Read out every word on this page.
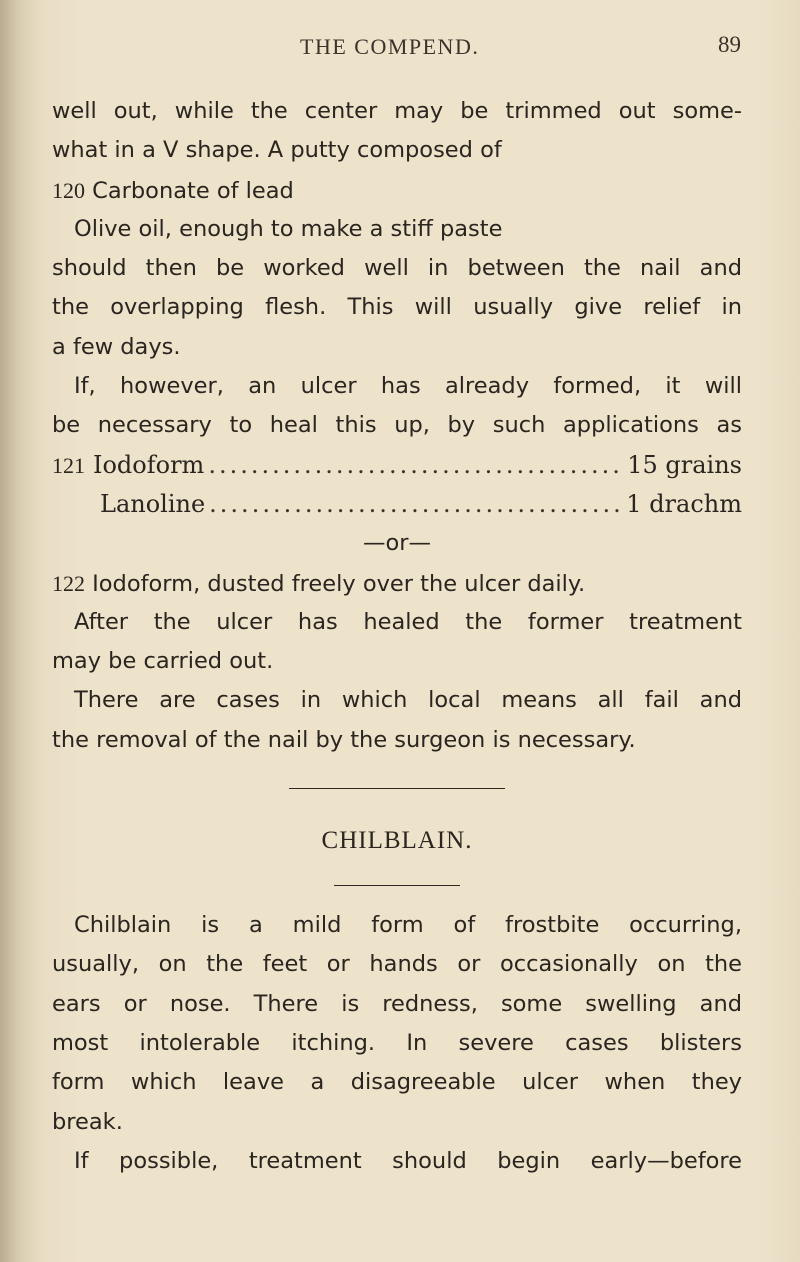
THE COMPEND.	89
well out, while the center may be trimmed out some-
what in a V shape. A putty composed of
120 Carbonate of lead
Olive oil, enough to make a stiff paste
should then be worked well in between the nail and
the overlapping flesh. This will usually give relief in
a few days.
If, however, an ulcer has already formed, it will
be necessary to heal this up, by such applications as
121 Iodoform .....	15 grains
Lanoline .....	1 drachm
—or—
122 Iodoform, dusted freely over the ulcer daily.
After the ulcer has healed the former treatment
may be carried out.
There are cases in which local means all fail and
the removal of the nail by the surgeon is necessary.
CHILBLAIN.
Chilblain is a mild form of frostbite occurring,
usually, on the feet or hands or occasionally on the
ears or nose. There is redness, some swelling and
most intolerable itching. In severe cases blisters
form which leave a disagreeable ulcer when they
break.
If possible, treatment should begin early—before
